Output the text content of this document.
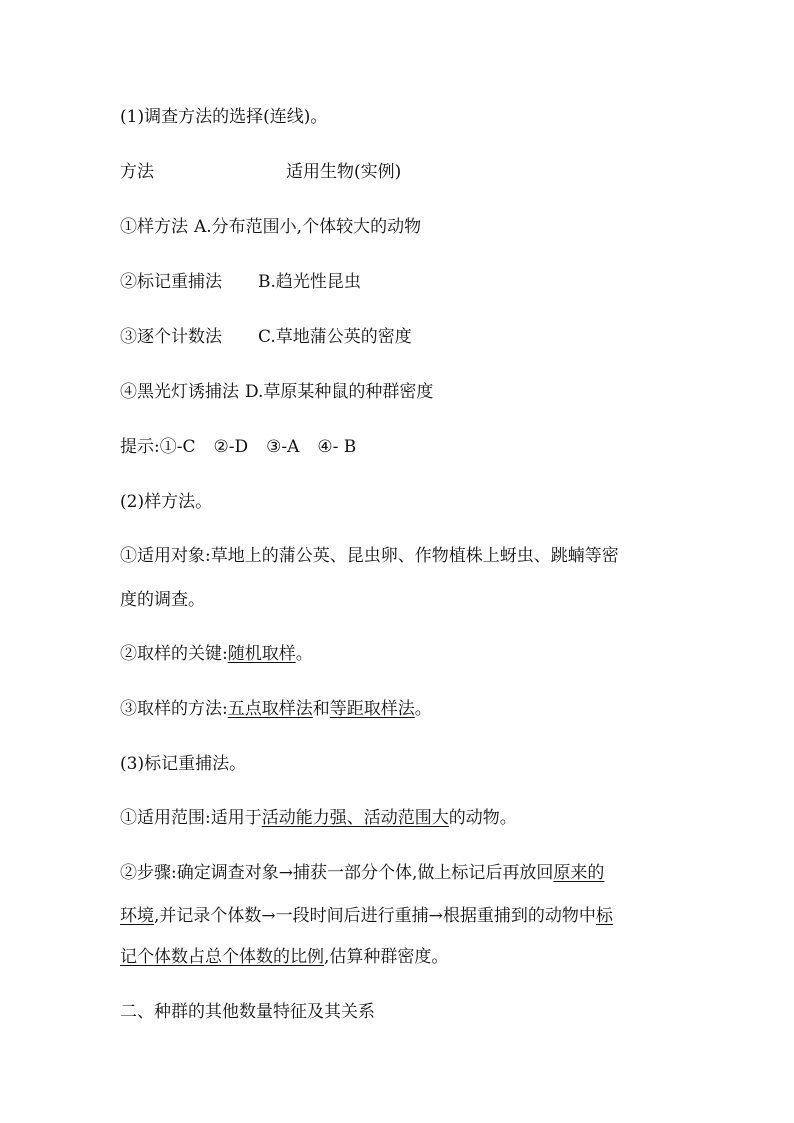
(1)调查方法的选择(连线)。
方法	适用生物(实例)
①样方法 A.分布范围小,个体较大的动物
②标记重捕法 B.趋光性昆虫
③逐个计数法 C.草地蒲公英的密度
④黑光灯诱捕法 D.草原某种鼠的种群密度
提示:①-C ②-D ③-A ④- B
(2)样方法。
①适用对象:草地上的蒲公英、昆虫卵、作物植株上蚜虫、跳蝻等密
度的调查。
②取样的关键:随机取样。
③取样的方法:五点取样法和等距取样法。
(3)标记重捕法。
①适用范围:适用于活动能力强、活动范围大的动物。
②步骤:确定调查对象→捕获一部分个体,做上标记后再放回原来的
环境,并记录个体数→一段时间后进行重捕→根据重捕到的动物中标
记个体数占总个体数的比例,估算种群密度。
二、种群的其他数量特征及其关系
